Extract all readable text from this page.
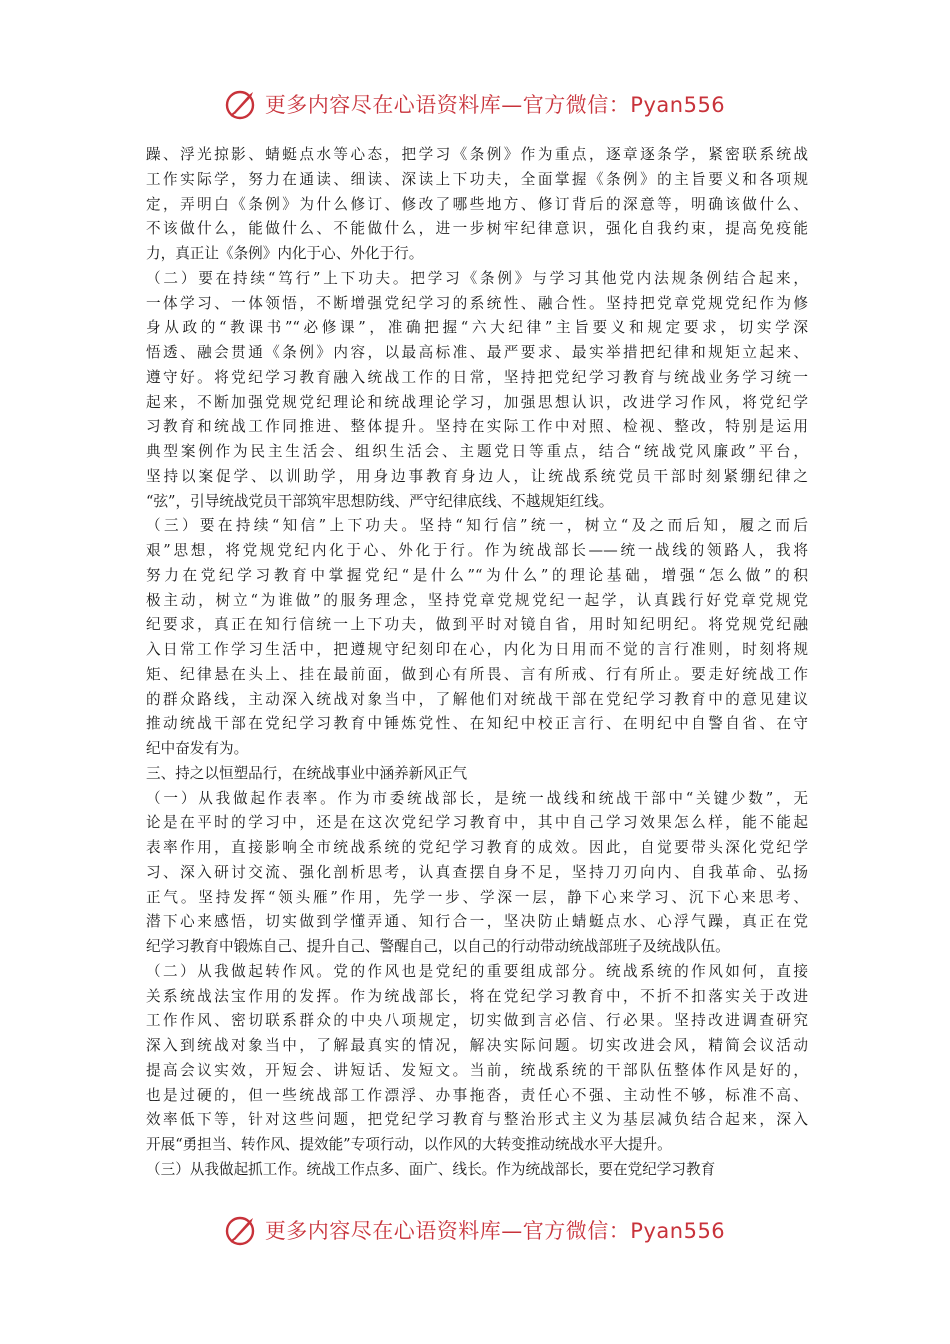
更多内容尽在心语资料库—官方微信：Pyan556
躁、浮光掠影、蜻蜓点水等心态，把学习《条例》作为重点，逐章逐条学，紧密联系统战
工作实际学，努力在通读、细读、深读上下功夫，全面掌握《条例》的主旨要义和各项规
定，弄明白《条例》为什么修订、修改了哪些地方、修订背后的深意等，明确该做什么、
不该做什么，能做什么、不能做什么，进一步树牢纪律意识，强化自我约束，提高免疫能
力，真正让《条例》内化于心、外化于行。
（二）要在持续“笃行”上下功夫。把学习《条例》与学习其他党内法规条例结合起来，
一体学习、一体领悟，不断增强党纪学习的系统性、融合性。坚持把党章党规党纪作为修
身从政的“教课书”“必修课”，准确把握“六大纪律”主旨要义和规定要求，切实学深
悟透、融会贯通《条例》内容，以最高标准、最严要求、最实举措把纪律和规矩立起来、
遵守好。将党纪学习教育融入统战工作的日常，坚持把党纪学习教育与统战业务学习统一
起来，不断加强党规党纪理论和统战理论学习，加强思想认识，改进学习作风，将党纪学
习教育和统战工作同推进、整体提升。坚持在实际工作中对照、检视、整改，特别是运用
典型案例作为民主生活会、组织生活会、主题党日等重点，结合“统战党风廉政”平台，
坚持以案促学、以训助学，用身边事教育身边人，让统战系统党员干部时刻紧绷纪律之
“弦”，引导统战党员干部筑牢思想防线、严守纪律底线、不越规矩红线。
（三）要在持续“知信”上下功夫。坚持“知行信”统一，树立“及之而后知，履之而后
艰”思想，将党规党纪内化于心、外化于行。作为统战部长——统一战线的领路人，我将
努力在党纪学习教育中掌握党纪“是什么”“为什么”的理论基础，增强“怎么做”的积
极主动，树立“为谁做”的服务理念，坚持党章党规党纪一起学，认真践行好党章党规党
纪要求，真正在知行信统一上下功夫，做到平时对镜自省，用时知纪明纪。将党规党纪融
入日常工作学习生活中，把遵规守纪刻印在心，内化为日用而不觉的言行准则，时刻将规
矩、纪律悬在头上、挂在最前面，做到心有所畏、言有所戒、行有所止。要走好统战工作
的群众路线，主动深入统战对象当中，了解他们对统战干部在党纪学习教育中的意见建议
推动统战干部在党纪学习教育中锤炼党性、在知纪中校正言行、在明纪中自警自省、在守
纪中奋发有为。
三、持之以恒塑品行，在统战事业中涵养新风正气
（一）从我做起作表率。作为市委统战部长，是统一战线和统战干部中“关键少数”，无
论是在平时的学习中，还是在这次党纪学习教育中，其中自己学习效果怎么样，能不能起
表率作用，直接影响全市统战系统的党纪学习教育的成效。因此，自觉要带头深化党纪学
习、深入研讨交流、强化剖析思考，认真查摆自身不足，坚持刀刃向内、自我革命、弘扬
正气。坚持发挥“领头雁”作用，先学一步、学深一层，静下心来学习、沉下心来思考、
潜下心来感悟，切实做到学懂弄通、知行合一，坚决防止蜻蜓点水、心浮气躁，真正在党
纪学习教育中锻炼自己、提升自己、警醒自己，以自己的行动带动统战部班子及统战队伍。
（二）从我做起转作风。党的作风也是党纪的重要组成部分。统战系统的作风如何，直接
关系统战法宝作用的发挥。作为统战部长，将在党纪学习教育中，不折不扣落实关于改进
工作作风、密切联系群众的中央八项规定，切实做到言必信、行必果。坚持改进调查研究
深入到统战对象当中，了解最真实的情况，解决实际问题。切实改进会风，精简会议活动
提高会议实效，开短会、讲短话、发短文。当前，统战系统的干部队伍整体作风是好的，
也是过硬的，但一些统战部工作漂浮、办事拖沓，责任心不强、主动性不够，标准不高、
效率低下等，针对这些问题，把党纪学习教育与整治形式主义为基层减负结合起来，深入
开展“勇担当、转作风、提效能”专项行动，以作风的大转变推动统战水平大提升。
（三）从我做起抓工作。统战工作点多、面广、线长。作为统战部长，要在党纪学习教育
更多内容尽在心语资料库—官方微信：Pyan556
